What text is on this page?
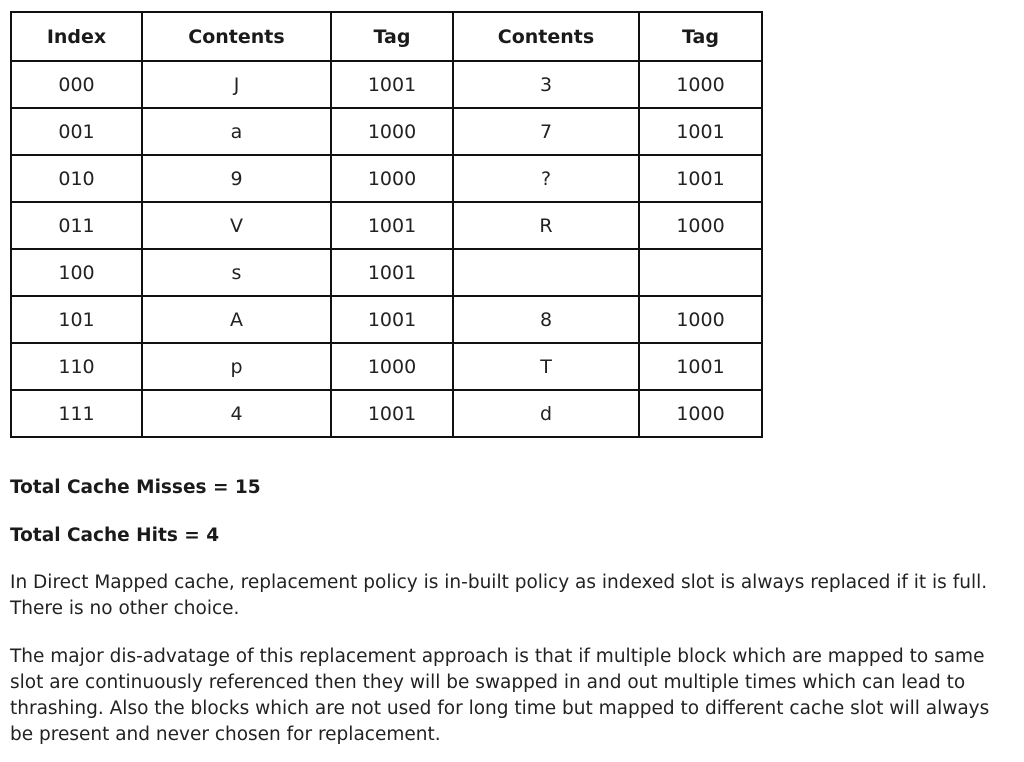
Index	Contents	Tag	Contents	Tag
000	J	1001	3	1000
001	a	1000	7	1001
010	9	1000	?	1001
011	V	1001	R	1000
100	s	1001		
101	A	1001	8	1000
110	p	1000	T	1001
111	4	1001	d	1000

Total Cache Misses = 15

Total Cache Hits = 4

In Direct Mapped cache, replacement policy is in-built policy as indexed slot is always replaced if it is full. There is no other choice.

The major dis-advatage of this replacement approach is that if multiple block which are mapped to same slot are continuously referenced then they will be swapped in and out multiple times which can lead to thrashing. Also the blocks which are not used for long time but mapped to different cache slot will always be present and never chosen for replacement.
